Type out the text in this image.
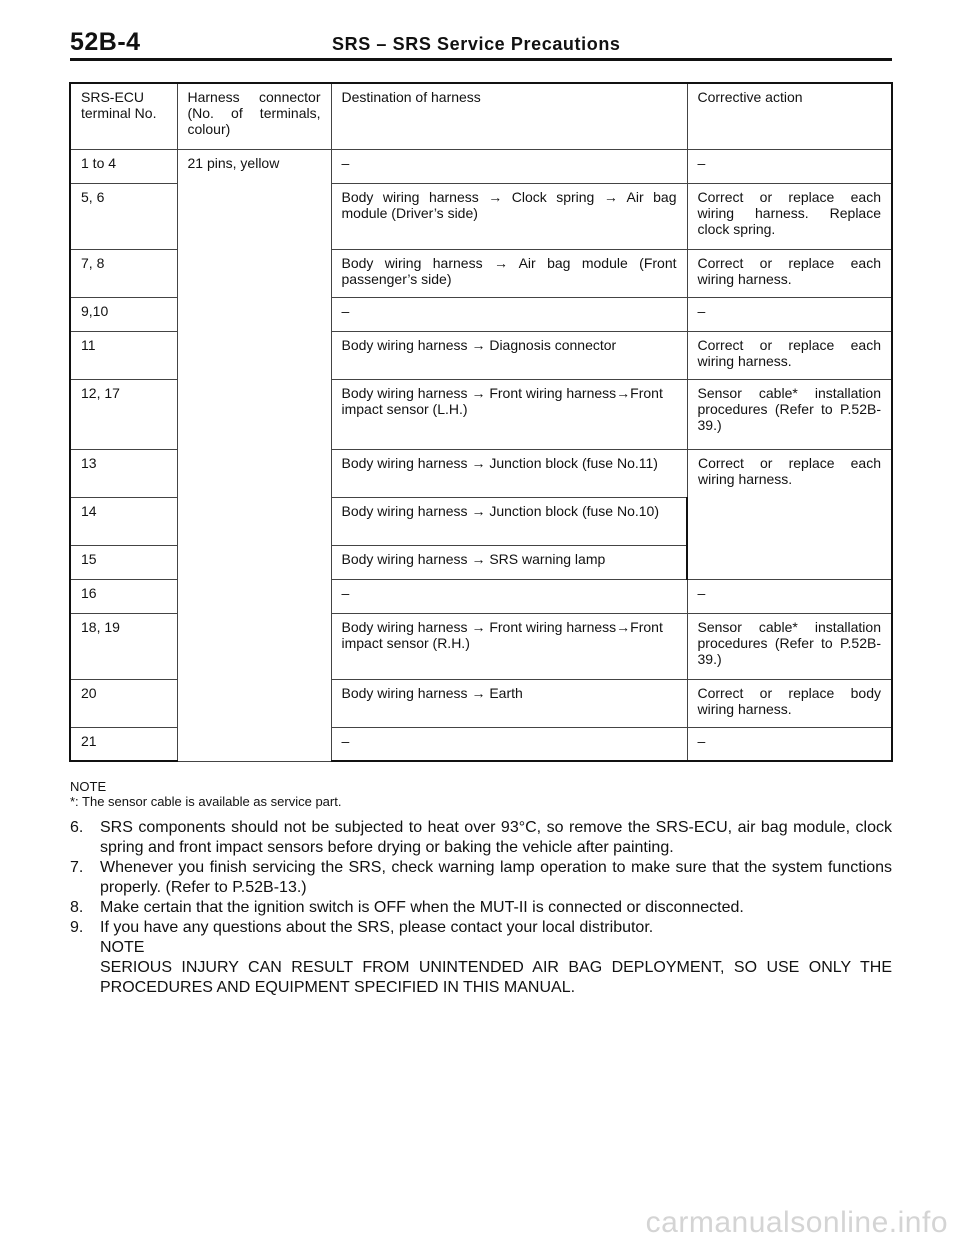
52B-4	SRS – SRS Service Precautions
SRS-ECU terminal No.	Harness connector (No. of terminals, colour)	Destination of harness	Corrective action
1 to 4	21 pins, yellow	–	–
5, 6		Body wiring harness → Clock spring → Air bag module (Driver’s side)	Correct or replace each wiring harness. Replace clock spring.
7, 8		Body wiring harness → Air bag module (Front passenger’s side)	Correct or replace each wiring harness.
9,10		–	–
11		Body wiring harness → Diagnosis connector	Correct or replace each wiring harness.
12, 17		Body wiring harness → Front wiring harness→Front impact sensor (L.H.)	Sensor cable* installation procedures (Refer to P.52B-39.)
13		Body wiring harness → Junction block (fuse No.11)	Correct or replace each wiring harness.
14		Body wiring harness → Junction block (fuse No.10)	
15		Body wiring harness → SRS warning lamp	
16		–	–
18, 19		Body wiring harness → Front wiring harness→Front impact sensor (R.H.)	Sensor cable* installation procedures (Refer to P.52B-39.)
20		Body wiring harness → Earth	Correct or replace body wiring harness.
21		–	–
NOTE
*: The sensor cable is available as service part.
6.	SRS components should not be subjected to heat over 93°C, so remove the SRS-ECU, air bag module, clock spring and front impact sensors before drying or baking the vehicle after painting.
7.	Whenever you finish servicing the SRS, check warning lamp operation to make sure that the system functions properly. (Refer to P.52B-13.)
8.	Make certain that the ignition switch is OFF when the MUT-II is connected or disconnected.
9.	If you have any questions about the SRS, please contact your local distributor.
NOTE
SERIOUS INJURY CAN RESULT FROM UNINTENDED AIR BAG DEPLOYMENT, SO USE ONLY THE PROCEDURES AND EQUIPMENT SPECIFIED IN THIS MANUAL.
carmanualsonline.info
